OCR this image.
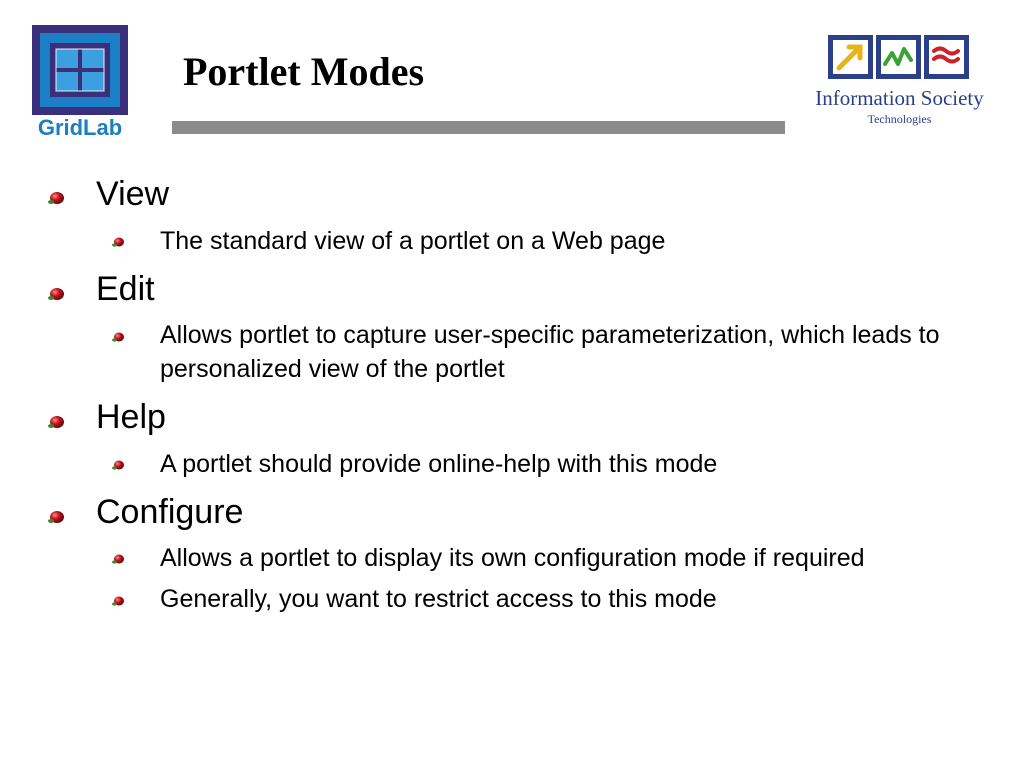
GridLab
Portlet Modes
Information Society
Technologies

View

The standard view of a portlet on a Web page

Edit

Allows portlet to capture user-specific parameterization, which leads to personalized view of the portlet

Help

A portlet should provide online-help with this mode

Configure

Allows a portlet to display its own configuration mode if required

Generally, you want to restrict access to this mode
